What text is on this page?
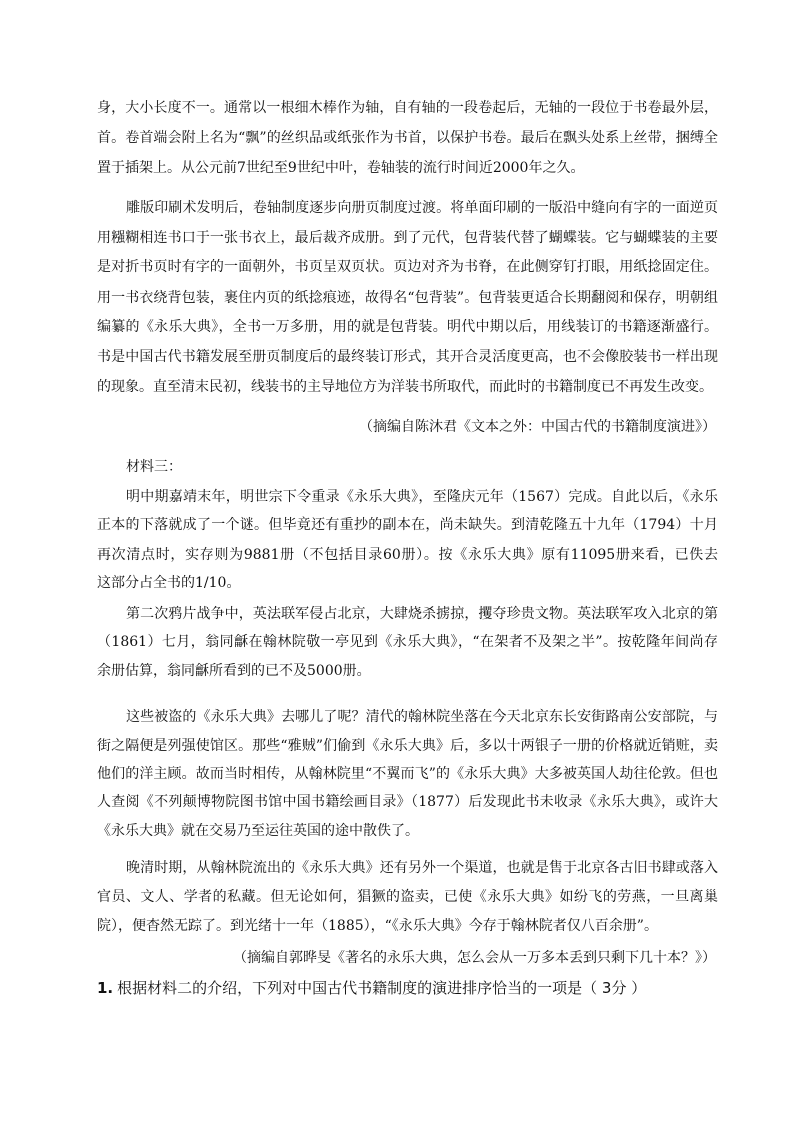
身，大小长度不一。通常以一根细木棒作为轴，自有轴的一段卷起后，无轴的一段位于书卷最外层，
首。卷首端会附上名为“飘”的丝织品或纸张作为书首，以保护书卷。最后在飘头处系上丝带，捆缚全
置于插架上。从公元前7世纪至9世纪中叶，卷轴装的流行时间近2000年之久。
雕版印刷术发明后，卷轴制度逐步向册页制度过渡。将单面印刷的一版沿中缝向有字的一面逆页
用糨糊相连书口于一张书衣上，最后裁齐成册。到了元代，包背装代替了蝴蝶装。它与蝴蝶装的主要
是对折书页时有字的一面朝外，书页呈双页状。页边对齐为书脊，在此侧穿钉打眼，用纸捻固定住。
用一书衣绕背包装，裹住内页的纸捻痕迹，故得名“包背装”。包背装更适合长期翻阅和保存，明朝组
编纂的《永乐大典》，全书一万多册，用的就是包背装。明代中期以后，用线装订的书籍逐渐盛行。
书是中国古代书籍发展至册页制度后的最终装订形式，其开合灵活度更高，也不会像胶装书一样出现
的现象。直至清末民初，线装书的主导地位方为洋装书所取代，而此时的书籍制度已不再发生改变。
（摘编自陈沐君《文本之外：中国古代的书籍制度演进》）
材料三：
明中期嘉靖末年，明世宗下令重录《永乐大典》，至隆庆元年（1567）完成。自此以后，《永乐
正本的下落就成了一个谜。但毕竟还有重抄的副本在，尚未缺失。到清乾隆五十九年（1794）十月
再次清点时，实存则为9881册（不包括目录60册）。按《永乐大典》原有11095册来看，已佚去
这部分占全书的1/10。
第二次鸦片战争中，英法联军侵占北京，大肆烧杀掳掠，攫夺珍贵文物。英法联军攻入北京的第
（1861）七月，翁同龢在翰林院敬一亭见到《永乐大典》，“在架者不及架之半”。按乾隆年间尚存
余册估算，翁同龢所看到的已不及5000册。
这些被盗的《永乐大典》去哪儿了呢？清代的翰林院坐落在今天北京东长安街路南公安部院，与
街之隔便是列强使馆区。那些“雅贼”们偷到《永乐大典》后，多以十两银子一册的价格就近销赃，卖
他们的洋主顾。故而当时相传，从翰林院里“不翼而飞”的《永乐大典》大多被英国人劫往伦敦。但也
人查阅《不列颠博物院图书馆中国书籍绘画目录》（1877）后发现此书未收录《永乐大典》，或许大
《永乐大典》就在交易乃至运往英国的途中散佚了。
晚清时期，从翰林院流出的《永乐大典》还有另外一个渠道，也就是售于北京各古旧书肆或落入
官员、文人、学者的私藏。但无论如何，猖獗的盗卖，已使《永乐大典》如纷飞的劳燕，一旦离巢
院），便杳然无踪了。到光绪十一年（1885），“《永乐大典》今存于翰林院者仅八百余册”。
（摘编自郭晔旻《著名的永乐大典，怎么会从一万多本丢到只剩下几十本？》）
1. 根据材料二的介绍，下列对中国古代书籍制度的演进排序恰当的一项是（ 3分 ）
